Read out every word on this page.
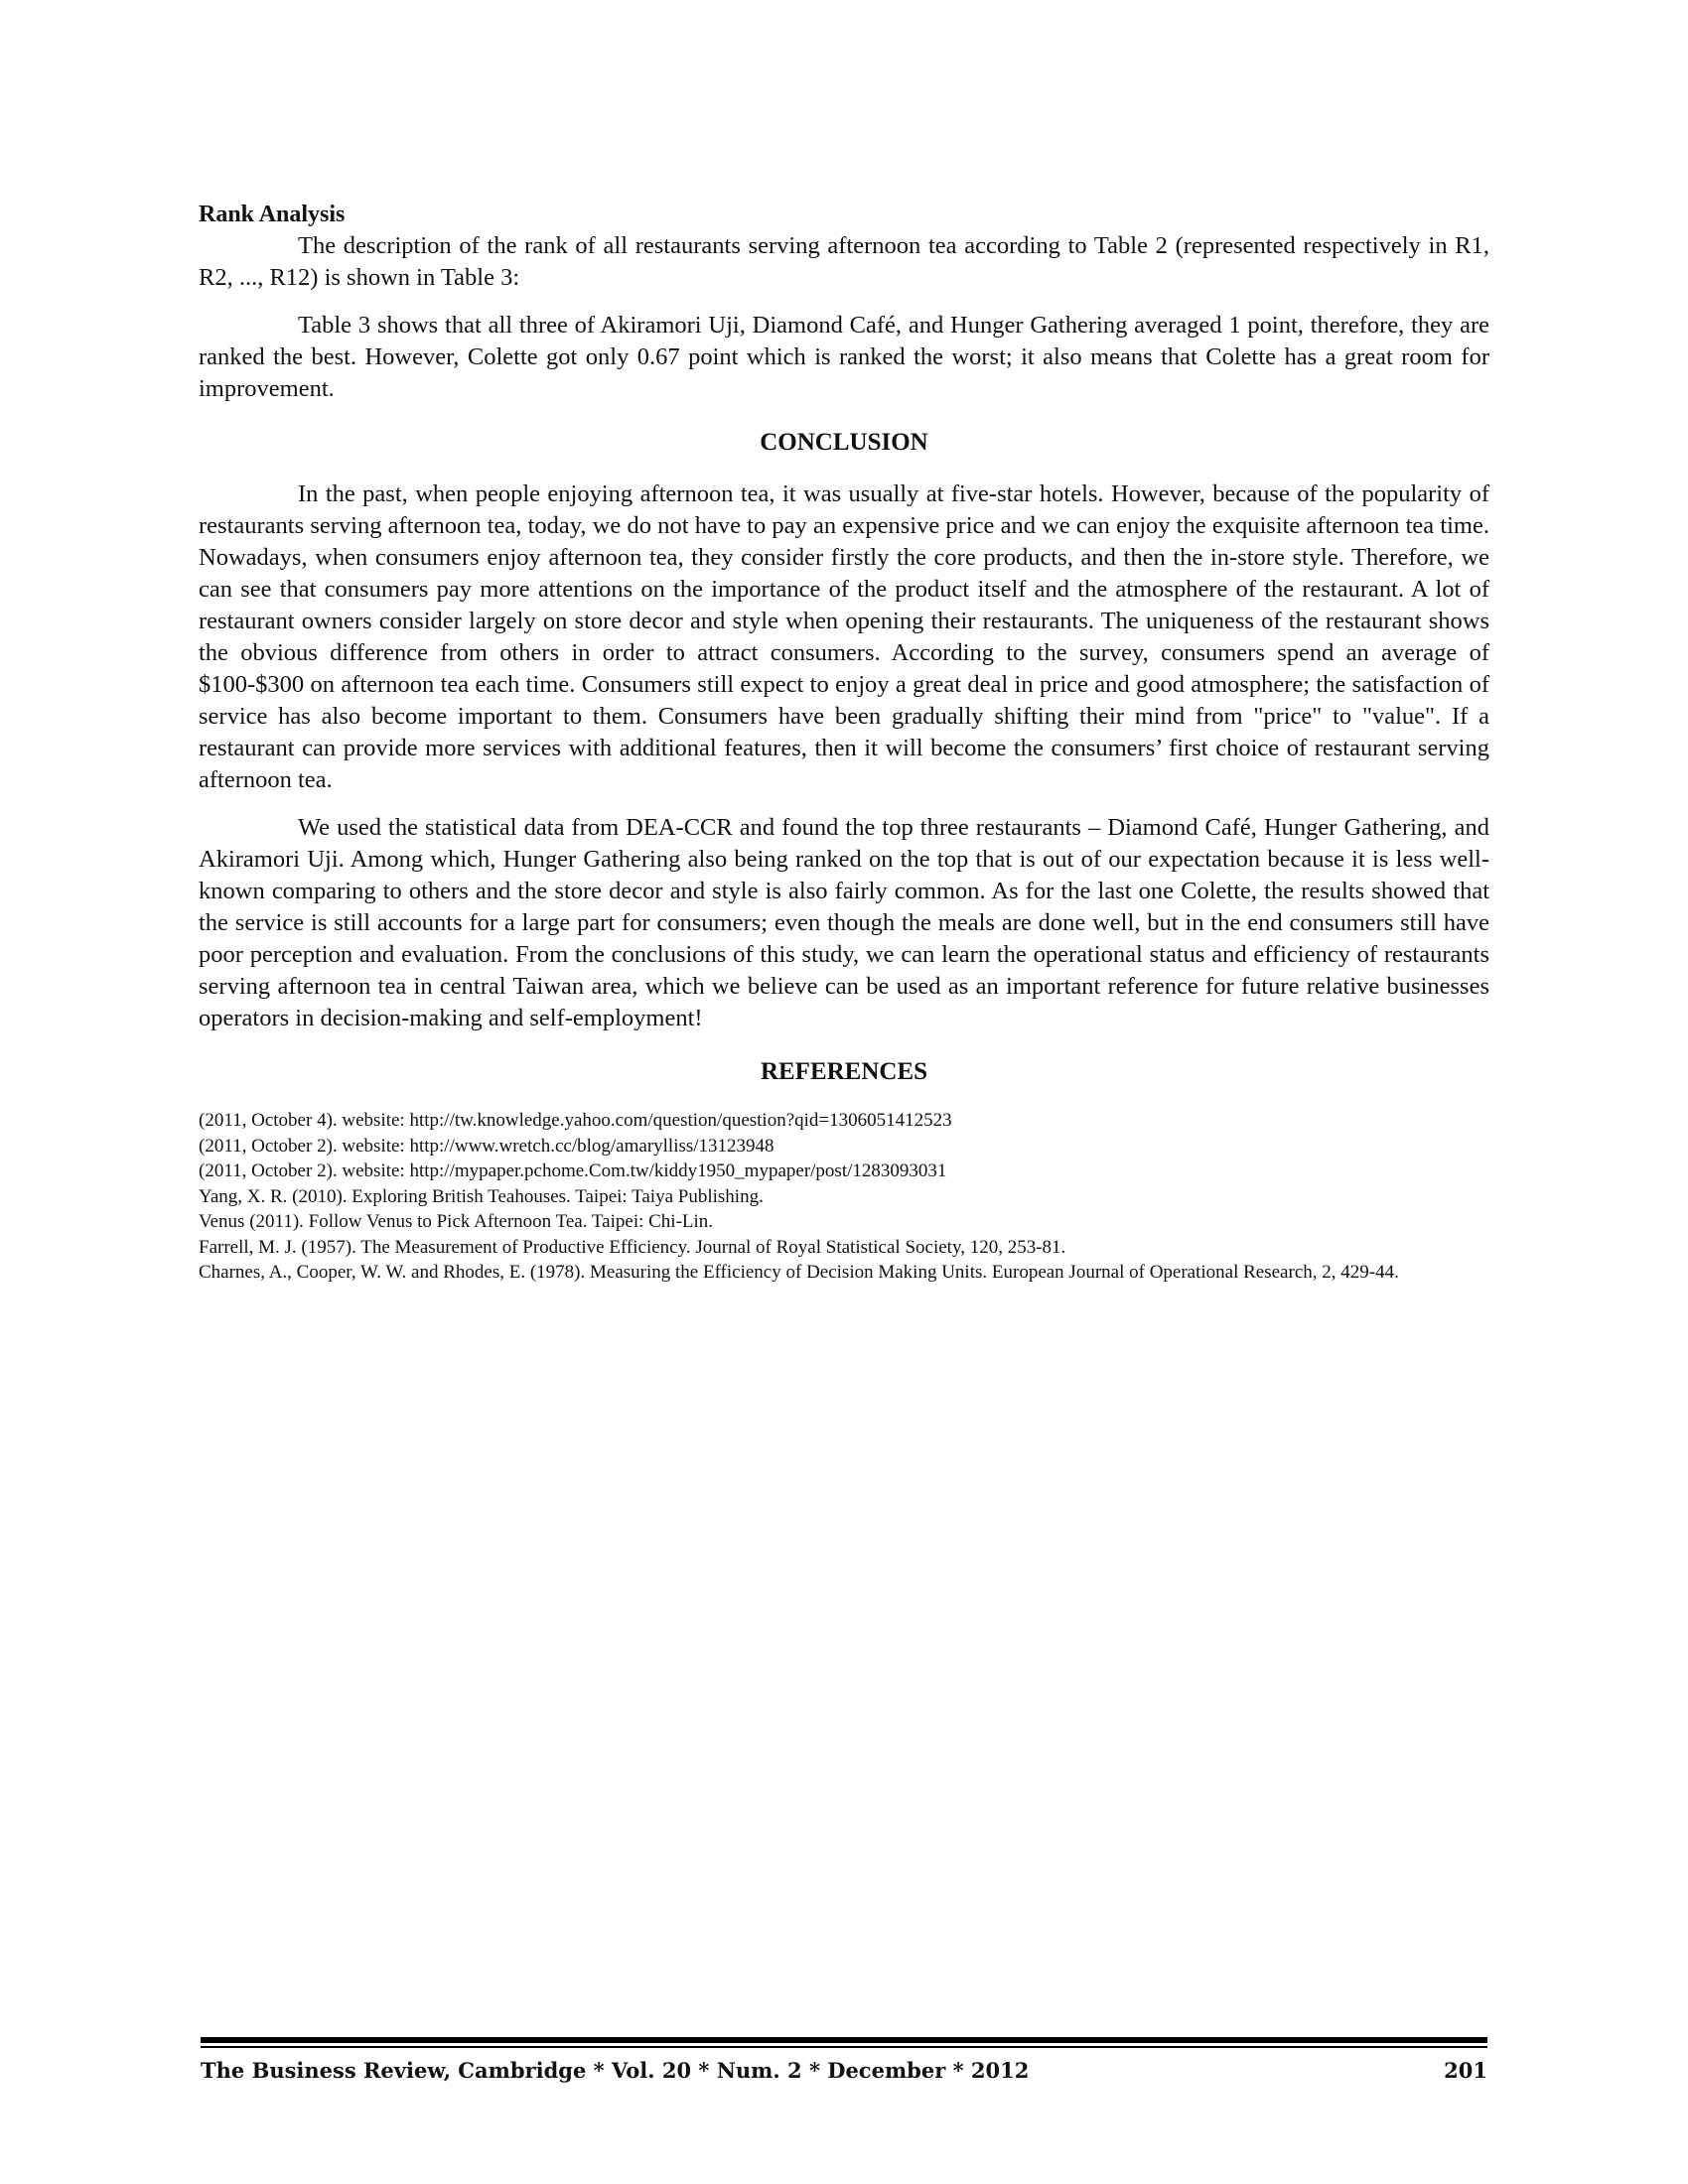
Rank Analysis

The description of the rank of all restaurants serving afternoon tea according to Table 2 (represented respectively in R1, R2, ..., R12) is shown in Table 3:

Table 3 shows that all three of Akiramori Uji, Diamond Café, and Hunger Gathering averaged 1 point, therefore, they are ranked the best. However, Colette got only 0.67 point which is ranked the worst; it also means that Colette has a great room for improvement.

CONCLUSION

In the past, when people enjoying afternoon tea, it was usually at five-star hotels. However, because of the popularity of restaurants serving afternoon tea, today, we do not have to pay an expensive price and we can enjoy the exquisite afternoon tea time. Nowadays, when consumers enjoy afternoon tea, they consider firstly the core products, and then the in-store style. Therefore, we can see that consumers pay more attentions on the importance of the product itself and the atmosphere of the restaurant. A lot of restaurant owners consider largely on store decor and style when opening their restaurants. The uniqueness of the restaurant shows the obvious difference from others in order to attract consumers. According to the survey, consumers spend an average of $100-$300 on afternoon tea each time. Consumers still expect to enjoy a great deal in price and good atmosphere; the satisfaction of service has also become important to them. Consumers have been gradually shifting their mind from "price" to "value". If a restaurant can provide more services with additional features, then it will become the consumers’ first choice of restaurant serving afternoon tea.

We used the statistical data from DEA-CCR and found the top three restaurants – Diamond Café, Hunger Gathering, and Akiramori Uji. Among which, Hunger Gathering also being ranked on the top that is out of our expectation because it is less well-known comparing to others and the store decor and style is also fairly common. As for the last one Colette, the results showed that the service is still accounts for a large part for consumers; even though the meals are done well, but in the end consumers still have poor perception and evaluation. From the conclusions of this study, we can learn the operational status and efficiency of restaurants serving afternoon tea in central Taiwan area, which we believe can be used as an important reference for future relative businesses operators in decision-making and self-employment!

REFERENCES
(2011, October 4). website: http://tw.knowledge.yahoo.com/question/question?qid=1306051412523
(2011, October 2). website: http://www.wretch.cc/blog/amarylliss/13123948
(2011, October 2). website: http://mypaper.pchome.Com.tw/kiddy1950_mypaper/post/1283093031
Yang, X. R. (2010). Exploring British Teahouses. Taipei: Taiya Publishing.
Venus (2011). Follow Venus to Pick Afternoon Tea. Taipei: Chi-Lin.
Farrell, M. J. (1957). The Measurement of Productive Efficiency. Journal of Royal Statistical Society, 120, 253-81.
Charnes, A., Cooper, W. W. and Rhodes, E. (1978). Measuring the Efficiency of Decision Making Units. European Journal of Operational Research, 2, 429-44.
The Business Review, Cambridge * Vol. 20 * Num. 2 * December * 2012	201
